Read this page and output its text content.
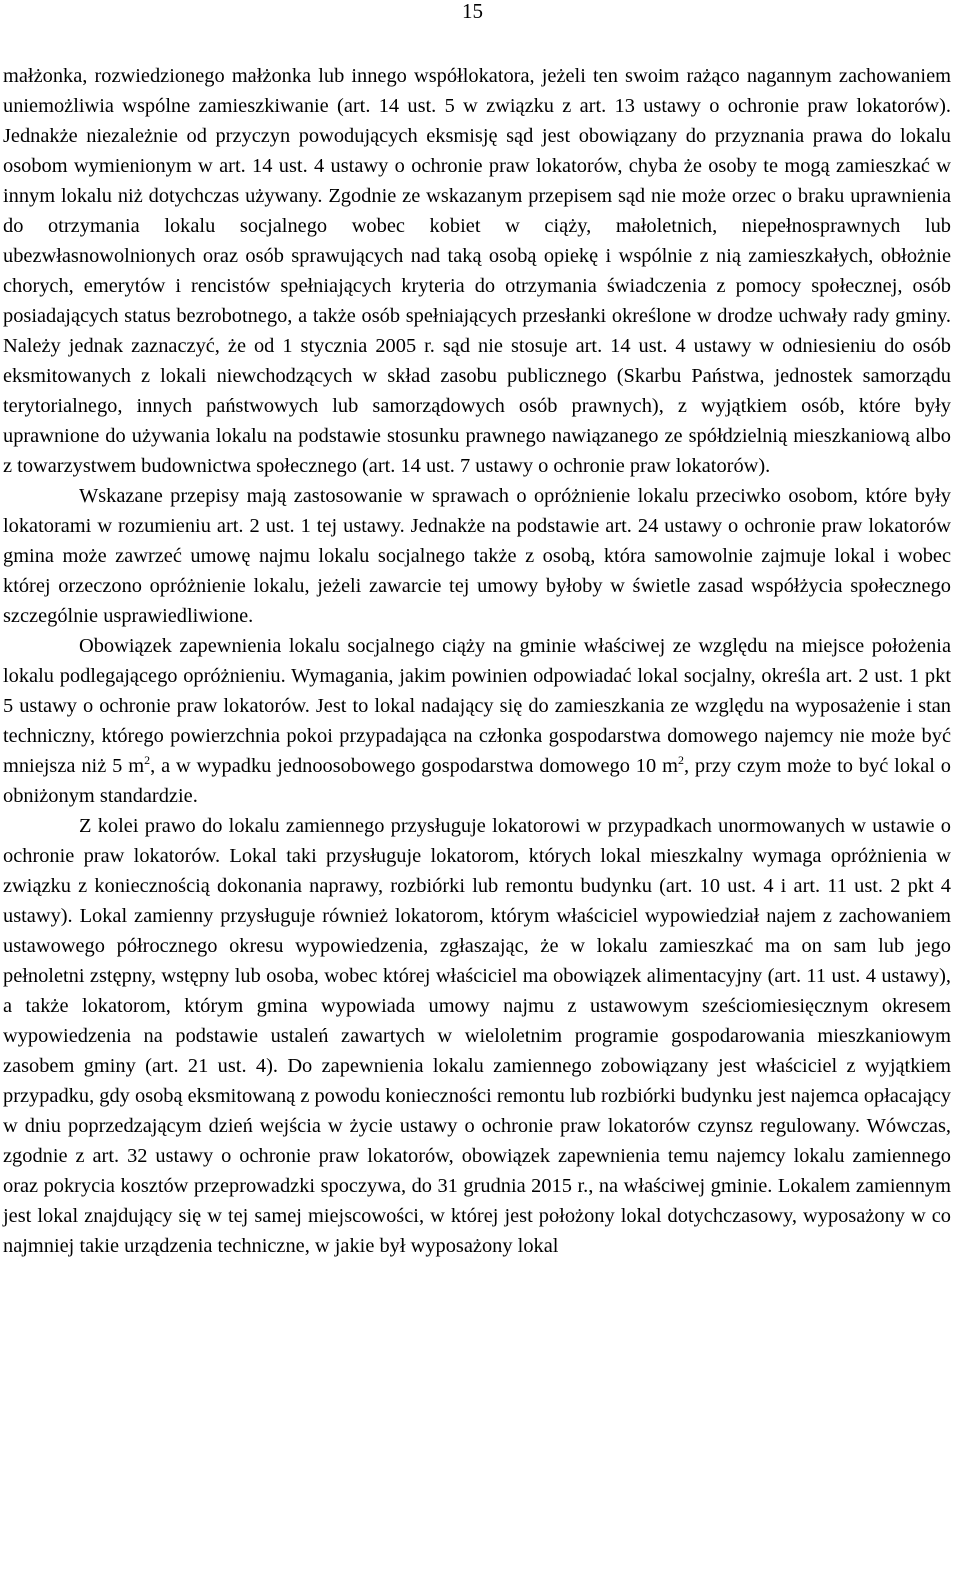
15

małżonka, rozwiedzionego małżonka lub innego współlokatora, jeżeli ten swoim rażąco nagannym zachowaniem uniemożliwia wspólne zamieszkiwanie (art. 14 ust. 5 w związku z art. 13 ustawy o ochronie praw lokatorów). Jednakże niezależnie od przyczyn powodujących eksmisję sąd jest obowiązany do przyznania prawa do lokalu osobom wymienionym w art. 14 ust. 4 ustawy o ochronie praw lokatorów, chyba że osoby te mogą zamieszkać w innym lokalu niż dotychczas używany. Zgodnie ze wskazanym przepisem sąd nie może orzec o braku uprawnienia do otrzymania lokalu socjalnego wobec kobiet w ciąży, małoletnich, niepełnosprawnych lub ubezwłasnowolnionych oraz osób sprawujących nad taką osobą opiekę i wspólnie z nią zamieszkałych, obłożnie chorych, emerytów i rencistów spełniających kryteria do otrzymania świadczenia z pomocy społecznej, osób posiadających status bezrobotnego, a także osób spełniających przesłanki określone w drodze uchwały rady gminy. Należy jednak zaznaczyć, że od 1 stycznia 2005 r. sąd nie stosuje art. 14 ust. 4 ustawy w odniesieniu do osób eksmitowanych z lokali niewchodzących w skład zasobu publicznego (Skarbu Państwa, jednostek samorządu terytorialnego, innych państwowych lub samorządowych osób prawnych), z wyjątkiem osób, które były uprawnione do używania lokalu na podstawie stosunku prawnego nawiązanego ze spółdzielnią mieszkaniową albo z towarzystwem budownictwa społecznego (art. 14 ust. 7 ustawy o ochronie praw lokatorów).

Wskazane przepisy mają zastosowanie w sprawach o opróżnienie lokalu przeciwko osobom, które były lokatorami w rozumieniu art. 2 ust. 1 tej ustawy. Jednakże na podstawie art. 24 ustawy o ochronie praw lokatorów gmina może zawrzeć umowę najmu lokalu socjalnego także z osobą, która samowolnie zajmuje lokal i wobec której orzeczono opróżnienie lokalu, jeżeli zawarcie tej umowy byłoby w świetle zasad współżycia społecznego szczególnie usprawiedliwione.

Obowiązek zapewnienia lokalu socjalnego ciąży na gminie właściwej ze względu na miejsce położenia lokalu podlegającego opróżnieniu. Wymagania, jakim powinien odpowiadać lokal socjalny, określa art. 2 ust. 1 pkt 5 ustawy o ochronie praw lokatorów. Jest to lokal nadający się do zamieszkania ze względu na wyposażenie i stan techniczny, którego powierzchnia pokoi przypadająca na członka gospodarstwa domowego najemcy nie może być mniejsza niż 5 $m^2$, a w wypadku jednoosobowego gospodarstwa domowego 10 $m^2$, przy czym może to być lokal o obniżonym standardzie.

Z kolei prawo do lokalu zamiennego przysługuje lokatorowi w przypadkach unormowanych w ustawie o ochronie praw lokatorów. Lokal taki przysługuje lokatorom, których lokal mieszkalny wymaga opróżnienia w związku z koniecznością dokonania naprawy, rozbiórki lub remontu budynku (art. 10 ust. 4 i art. 11 ust. 2 pkt 4 ustawy). Lokal zamienny przysługuje również lokatorom, którym właściciel wypowiedział najem z zachowaniem ustawowego półrocznego okresu wypowiedzenia, zgłaszając, że w lokalu zamieszkać ma on sam lub jego pełnoletni zstępny, wstępny lub osoba, wobec której właściciel ma obowiązek alimentacyjny (art. 11 ust. 4 ustawy), a także lokatorom, którym gmina wypowiada umowy najmu z ustawowym sześciomiesięcznym okresem wypowiedzenia na podstawie ustaleń zawartych w wieloletnim programie gospodarowania mieszkaniowym zasobem gminy (art. 21 ust. 4). Do zapewnienia lokalu zamiennego zobowiązany jest właściciel z wyjątkiem przypadku, gdy osobą eksmitowaną z powodu konieczności remontu lub rozbiórki budynku jest najemca opłacający w dniu poprzedzającym dzień wejścia w życie ustawy o ochronie praw lokatorów czynsz regulowany. Wówczas, zgodnie z art. 32 ustawy o ochronie praw lokatorów, obowiązek zapewnienia temu najemcy lokalu zamiennego oraz pokrycia kosztów przeprowadzki spoczywa, do 31 grudnia 2015 r., na właściwej gminie. Lokalem zamiennym jest lokal znajdujący się w tej samej miejscowości, w której jest położony lokal dotychczasowy, wyposażony w co najmniej takie urządzenia techniczne, w jakie był wyposażony lokal
